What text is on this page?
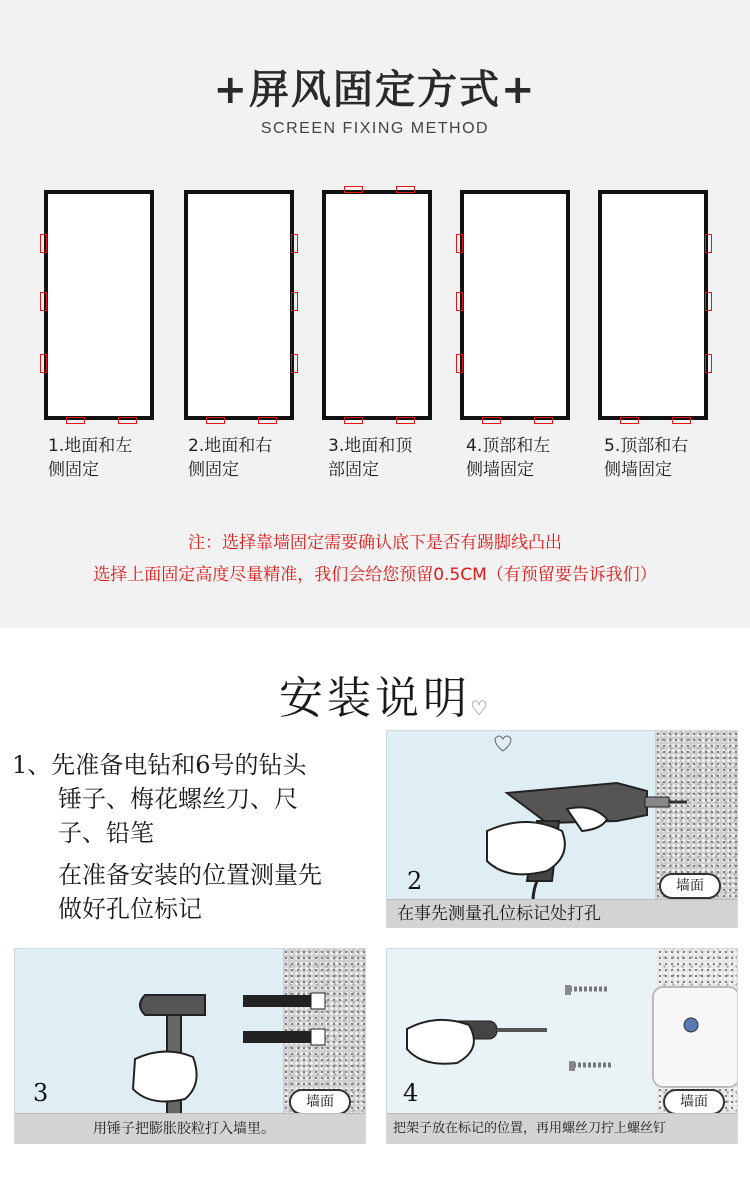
+屏风固定方式+
SCREEN FIXING METHOD
1.地面和左
侧固定
2.地面和右
侧固定
3.地面和顶
部固定
4.顶部和左
侧墙固定
5.顶部和右
侧墙固定
注：选择靠墙固定需要确认底下是否有踢脚线凸出
选择上面固定高度尽量精准，我们会给您预留0.5CM（有预留要告诉我们）
安装说明 ♡
1、先准备电钻和6号的钻头
锤子、梅花螺丝刀、尺
子、铅笔
在准备安装的位置测量先
做好孔位标记
2	墙面
在事先测量孔位标记处打孔
3	墙面
用锤子把膨胀胶粒打入墙里。
4	墙面
把架子放在标记的位置，再用螺丝刀拧上螺丝钉
